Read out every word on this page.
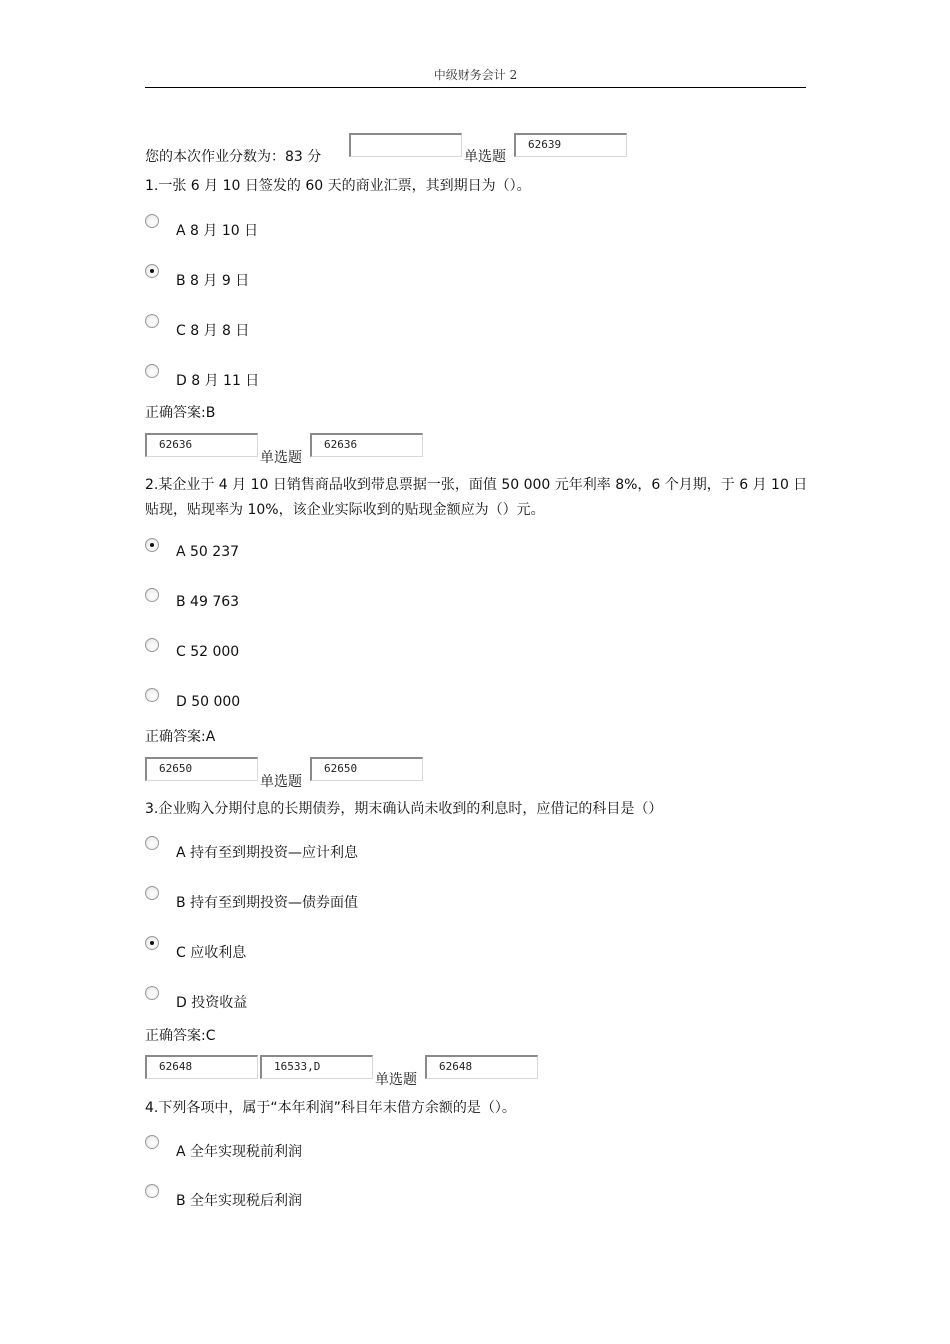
中级财务会计 2
您的本次作业分数为：83 分	单选题
62639
1.一张 6 月 10 日签发的 60 天的商业汇票，其到期日为（）。
A 8 月 10 日
B 8 月 9 日
C 8 月 8 日
D 8 月 11 日
正确答案:B
62636
单选题
62636
2.某企业于 4 月 10 日销售商品收到带息票据一张，面值 50 000 元年利率 8%，6 个月期，于 6 月 10 日贴现，贴现率为 10%，该企业实际收到的贴现金额应为（）元。
A 50 237
B 49 763
C 52 000
D 50 000
正确答案:A
62650
单选题
62650
3.企业购入分期付息的长期债券，期末确认尚未收到的利息时，应借记的科目是（）
A 持有至到期投资—应计利息
B 持有至到期投资—债券面值
C 应收利息
D 投资收益
正确答案:C
62648	16533,D
单选题
62648
4.下列各项中，属于“本年利润”科目年末借方余额的是（）。
A 全年实现税前利润
B 全年实现税后利润
